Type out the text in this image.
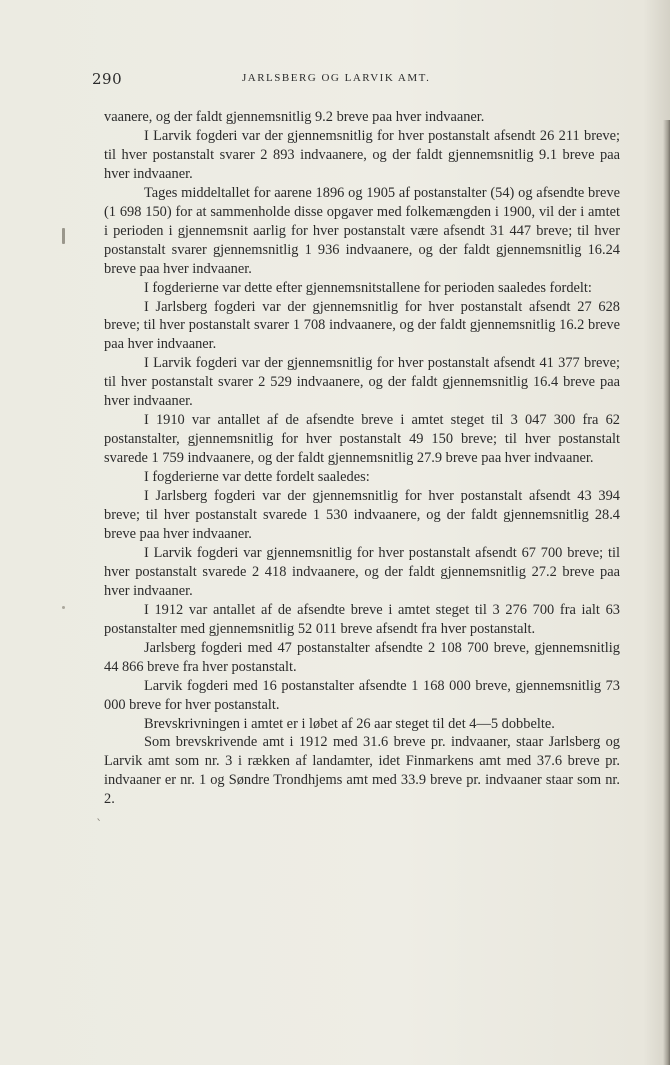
290	JARLSBERG OG LARVIK AMT.
`

vaanere, og der faldt gjennemsnitlig 9.2 breve paa hver indvaaner.

I Larvik fogderi var der gjennemsnitlig for hver postanstalt afsendt 26 211 breve; til hver postanstalt svarer 2 893 indvaanere, og der faldt gjennemsnitlig 9.1 breve paa hver indvaaner.

Tages middeltallet for aarene 1896 og 1905 af postanstalter (54) og afsendte breve (1 698 150) for at sammenholde disse opgaver med folkemængden i 1900, vil der i amtet i perioden i gjennemsnit aarlig for hver postanstalt være afsendt 31 447 breve; til hver postanstalt svarer gjennemsnitlig 1 936 indvaanere, og der faldt gjennemsnitlig 16.24 breve paa hver indvaaner.

I fogderierne var dette efter gjennemsnitstallene for perioden saaledes fordelt:

I Jarlsberg fogderi var der gjennemsnitlig for hver postanstalt afsendt 27 628 breve; til hver postanstalt svarer 1 708 indvaanere, og der faldt gjennemsnitlig 16.2 breve paa hver indvaaner.

I Larvik fogderi var der gjennemsnitlig for hver postanstalt afsendt 41 377 breve; til hver postanstalt svarer 2 529 indvaanere, og der faldt gjennemsnitlig 16.4 breve paa hver indvaaner.

I 1910 var antallet af de afsendte breve i amtet steget til 3 047 300 fra 62 postanstalter, gjennemsnitlig for hver postanstalt 49 150 breve; til hver postanstalt svarede 1 759 indvaanere, og der faldt gjennemsnitlig 27.9 breve paa hver indvaaner.

I fogderierne var dette fordelt saaledes:

I Jarlsberg fogderi var der gjennemsnitlig for hver postanstalt afsendt 43 394 breve; til hver postanstalt svarede 1 530 indvaanere, og der faldt gjennemsnitlig 28.4 breve paa hver indvaaner.

I Larvik fogderi var gjennemsnitlig for hver postanstalt afsendt 67 700 breve; til hver postanstalt svarede 2 418 indvaanere, og der faldt gjennemsnitlig 27.2 breve paa hver indvaaner.

I 1912 var antallet af de afsendte breve i amtet steget til 3 276 700 fra ialt 63 postanstalter med gjennemsnitlig 52 011 breve afsendt fra hver postanstalt.

Jarlsberg fogderi med 47 postanstalter afsendte 2 108 700 breve, gjennemsnitlig 44 866 breve fra hver postanstalt.

Larvik fogderi med 16 postanstalter afsendte 1 168 000 breve, gjennemsnitlig 73 000 breve for hver postanstalt.

Brevskrivningen i amtet er i løbet af 26 aar steget til det 4—5 dobbelte.

Som brevskrivende amt i 1912 med 31.6 breve pr. indvaaner, staar Jarlsberg og Larvik amt som nr. 3 i rækken af landamter, idet Finmarkens amt med 37.6 breve pr. indvaaner er nr. 1 og Søndre Trondhjems amt med 33.9 breve pr. indvaaner staar som nr. 2.
